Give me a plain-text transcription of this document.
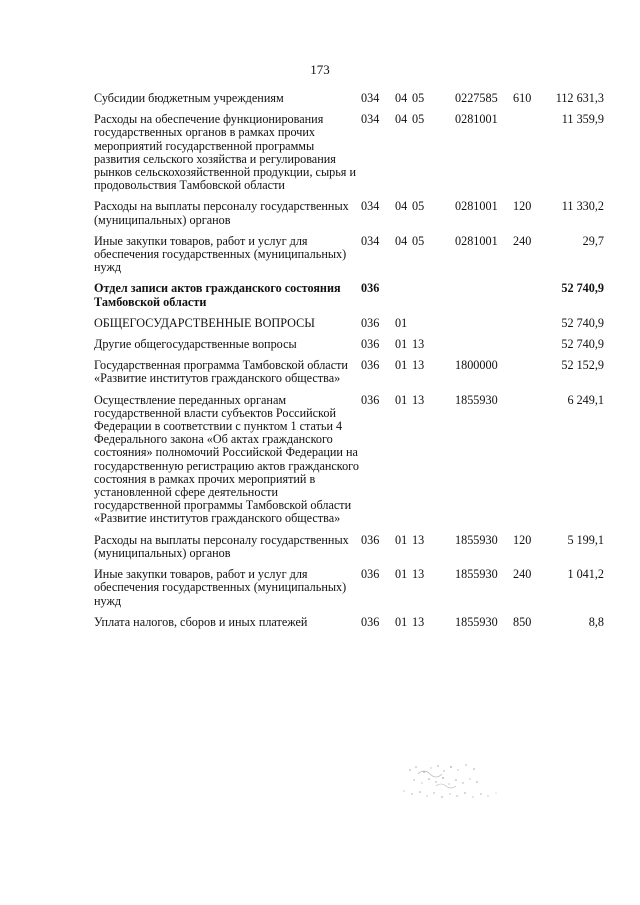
173
Субсидии бюджетным учреждениям	034	04	05	0227585	610	112 631,3
Расходы на обеспечение функционирования государственных органов в рамках прочих мероприятий государственной программы развития сельского хозяйства и регулирования рынков сельскохозяйственной продукции, сырья и продовольствия Тамбовской области	034	04	05	0281001		11 359,9
Расходы на выплаты персоналу государственных (муниципальных) органов	034	04	05	0281001	120	11 330,2
Иные закупки товаров, работ и услуг для обеспечения государственных (муниципальных) нужд	034	04	05	0281001	240	29,7
Отдел записи актов гражданского состояния Тамбовской области	036					52 740,9
ОБЩЕГОСУДАРСТВЕННЫЕ ВОПРОСЫ	036	01				52 740,9
Другие общегосударственные вопросы	036	01	13			52 740,9
Государственная программа Тамбовской области «Развитие институтов гражданского общества»	036	01	13	1800000		52 152,9
Осуществление переданных органам государственной власти субъектов Российской Федерации в соответствии с пунктом 1 статьи 4 Федерального закона «Об актах гражданского состояния» полномочий Российской Федерации на государственную регистрацию актов гражданского состояния в рамках прочих мероприятий в установленной сфере деятельности государственной программы Тамбовской области «Развитие институтов гражданского общества»	036	01	13	1855930		6 249,1
Расходы на выплаты персоналу государственных (муниципальных) органов	036	01	13	1855930	120	5 199,1
Иные закупки товаров, работ и услуг для обеспечения государственных (муниципальных) нужд	036	01	13	1855930	240	1 041,2
Уплата налогов, сборов и иных платежей	036	01	13	1855930	850	8,8
